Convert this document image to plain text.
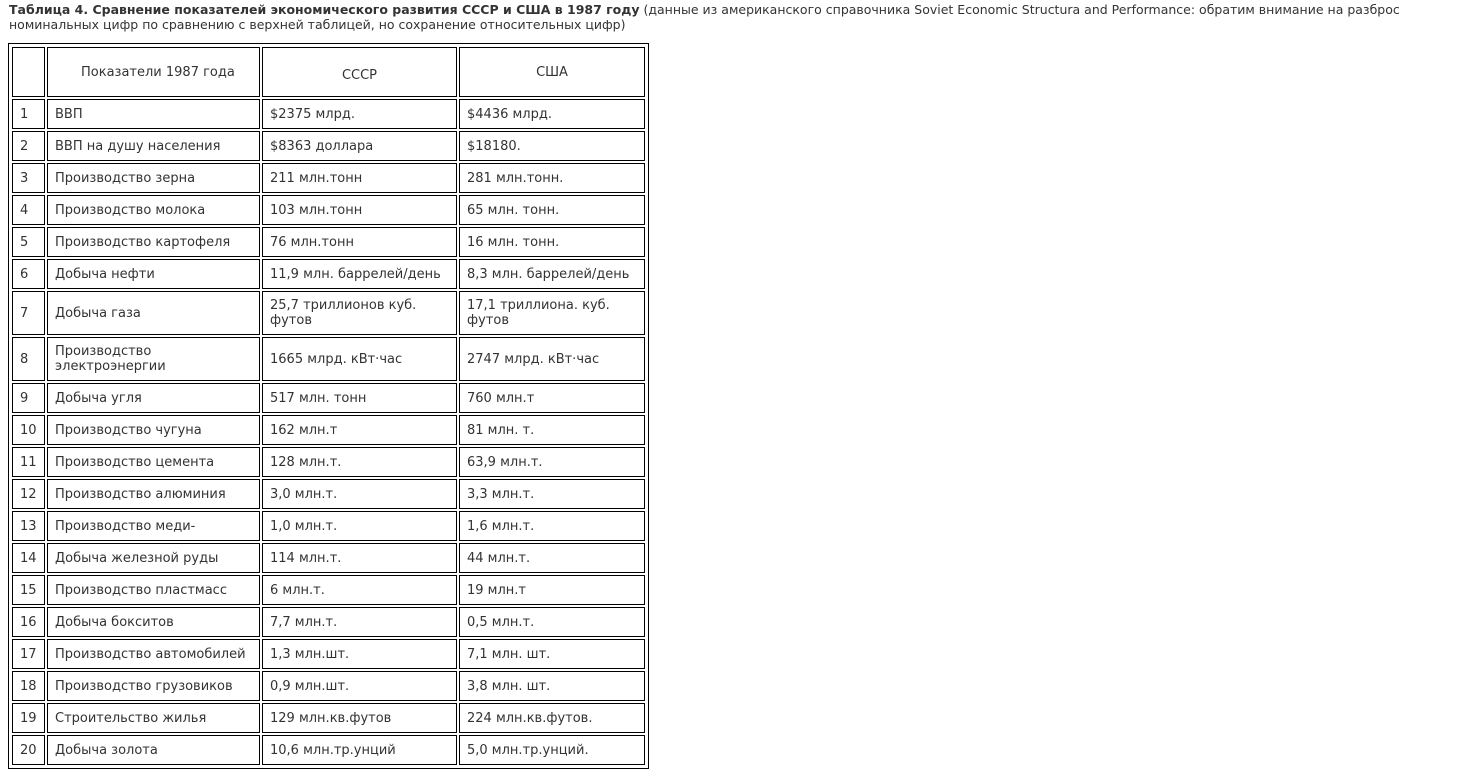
Таблица 4. Сравнение показателей экономического развития СССР и США в 1987 году (данные из американского справочника Soviet Economic Structura and Performance: обратим внимание на разброс номинальных цифр по сравнению с верхней таблицей, но сохранение относительных цифр)
	Показатели 1987 года	СССР	США
1	ВВП	$2375 млрд.	$4436 млрд.
2	ВВП на душу населения	$8363 доллара	$18180.
3	Производство зерна	211 млн.тонн	281 млн.тонн.
4	Производство молока	103 млн.тонн	65 млн. тонн.
5	Производство картофеля	76 млн.тонн	16 млн. тонн.
6	Добыча нефти	11,9 млн. баррелей/день	8,3 млн. баррелей/день
7	Добыча газа	25,7 триллионов куб. футов	17,1 триллиона. куб. футов
8	Производство электроэнергии	1665 млрд. кВт·час	2747 млрд. кВт·час
9	Добыча угля	517 млн. тонн	760 млн.т
10	Производство чугуна	162 млн.т	81 млн. т.
11	Производство цемента	128 млн.т.	63,9 млн.т.
12	Производство алюминия	3,0 млн.т.	3,3 млн.т.
13	Производство меди-	1,0 млн.т.	1,6 млн.т.
14	Добыча железной руды	114 млн.т.	44 млн.т.
15	Производство пластмасс	6 млн.т.	19 млн.т
16	Добыча бокситов	7,7 млн.т.	0,5 млн.т.
17	Производство автомобилей	1,3 млн.шт.	7,1 млн. шт.
18	Производство грузовиков	0,9 млн.шт.	3,8 млн. шт.
19	Строительство жилья	129 млн.кв.футов	224 млн.кв.футов.
20	Добыча золота	10,6 млн.тр.унций	5,0 млн.тр.унций.
